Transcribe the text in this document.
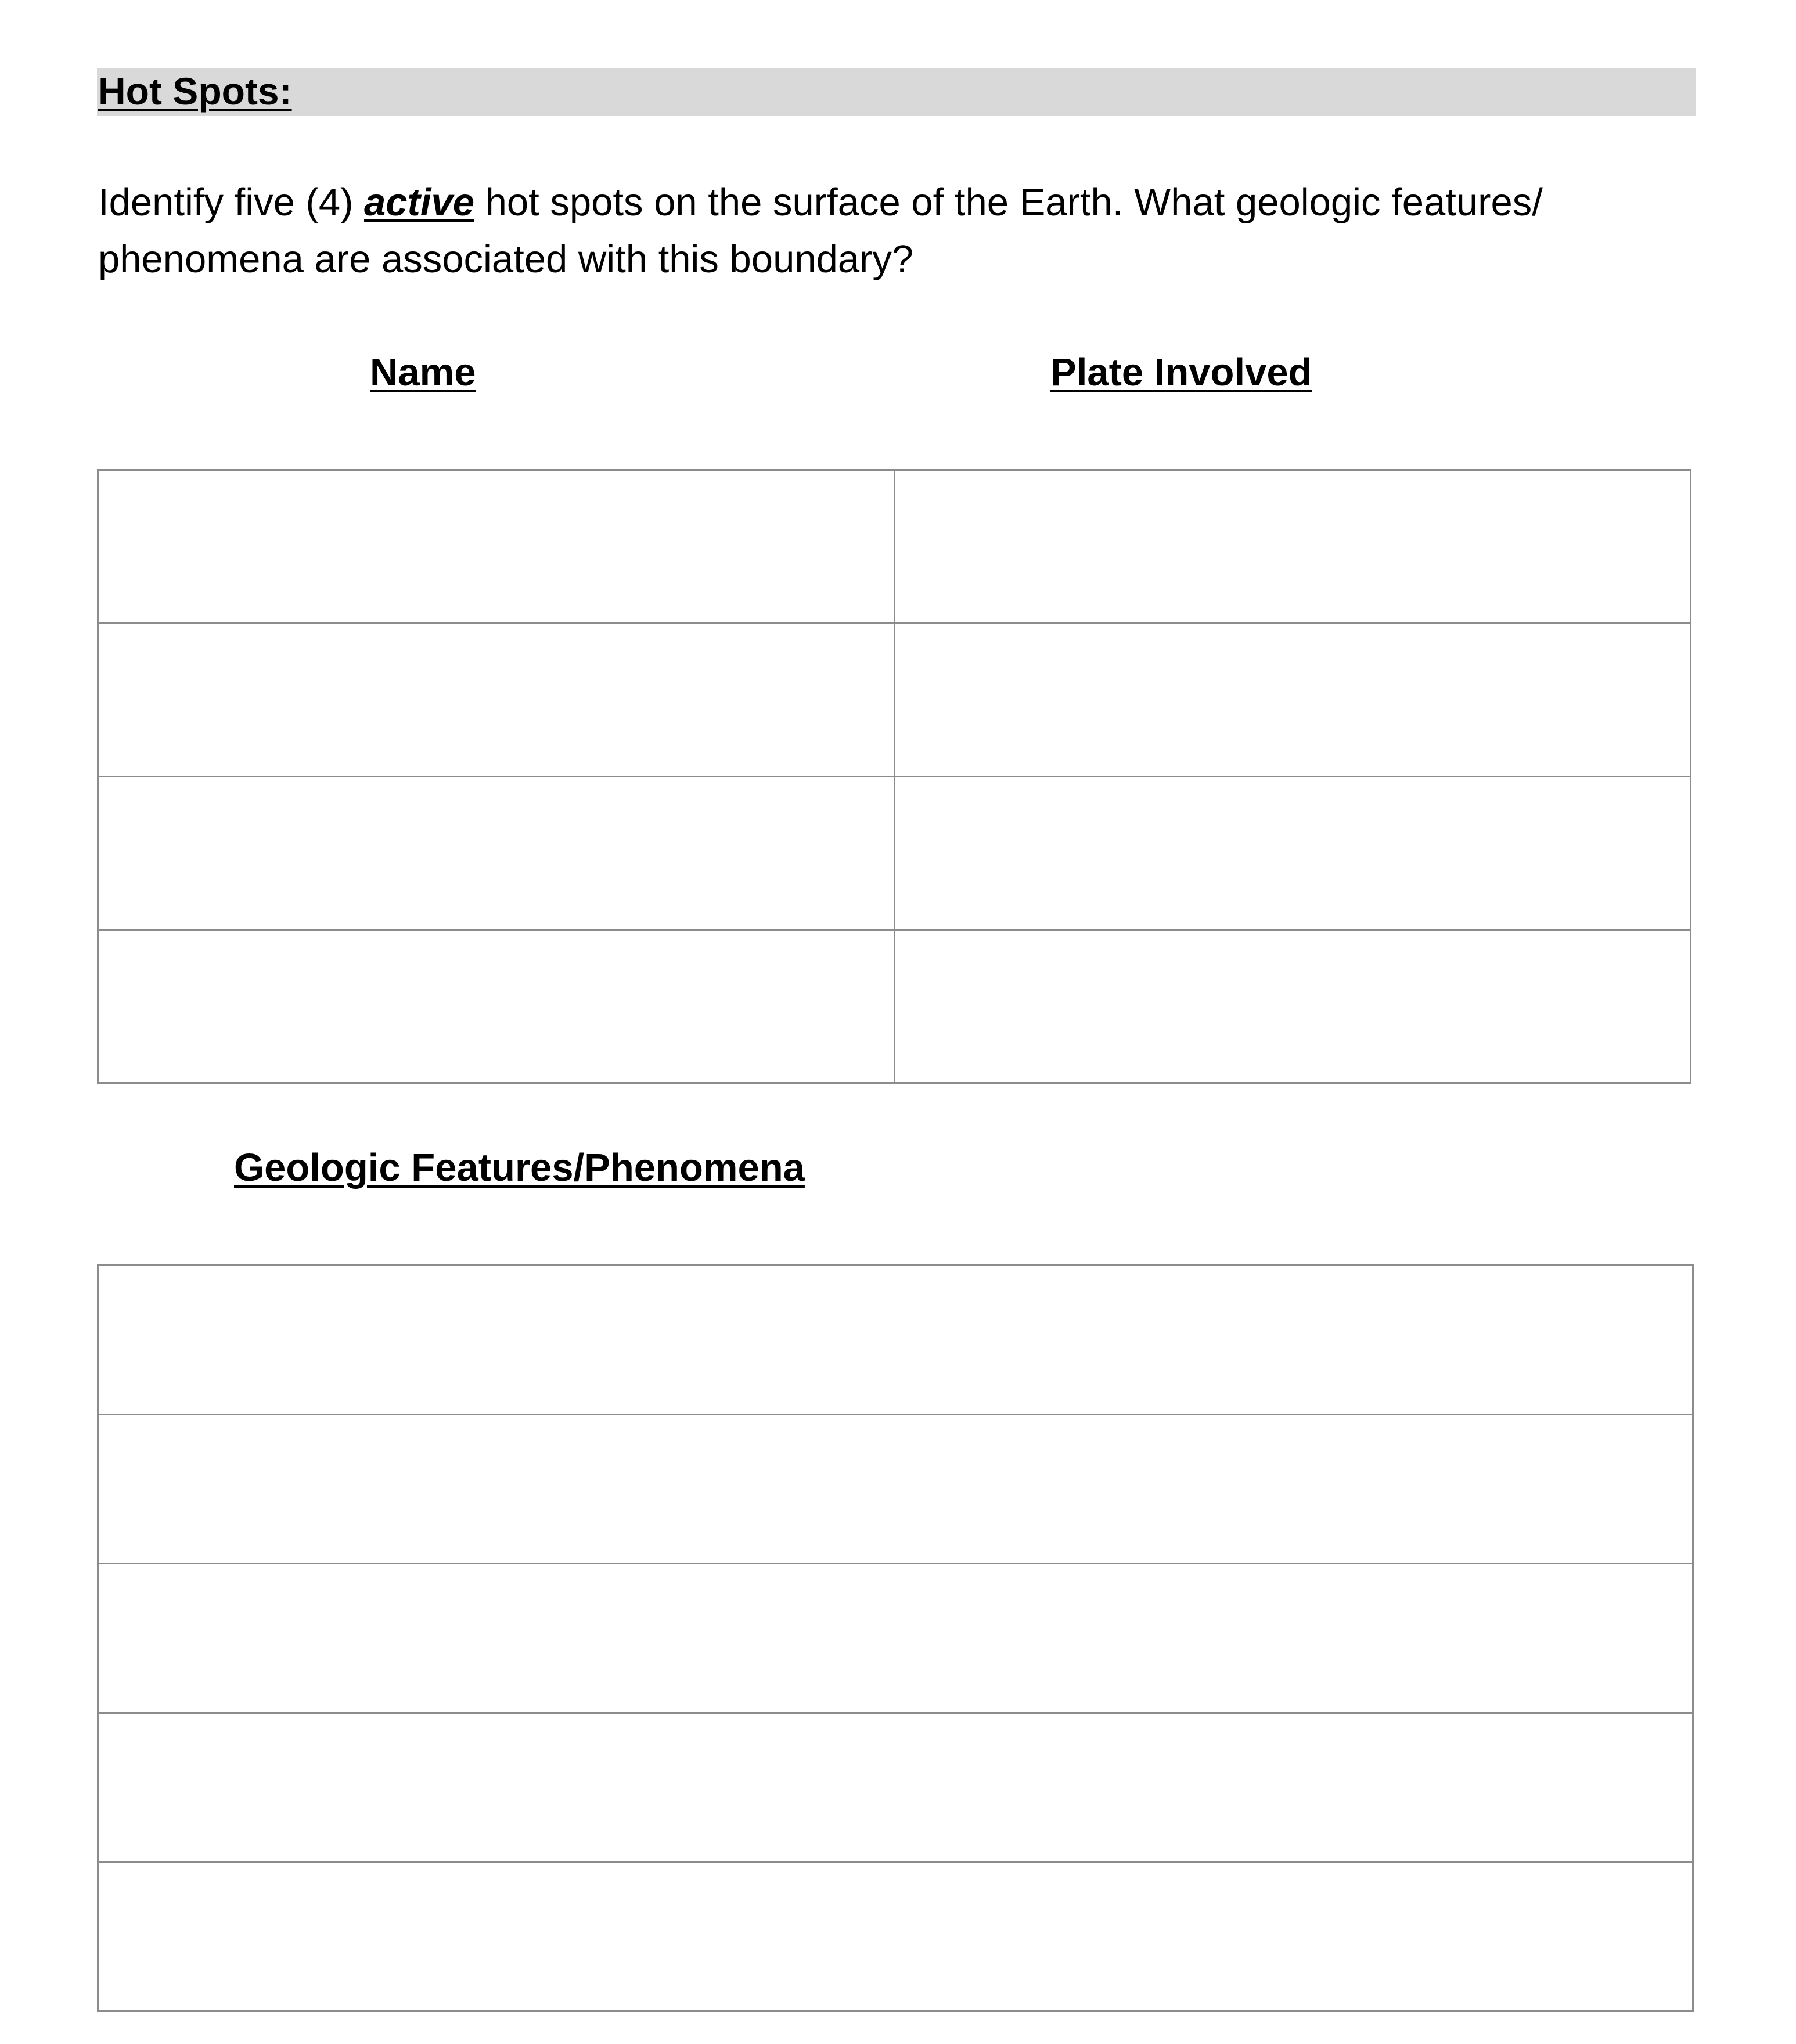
Hot Spots:
Identify five (4) active hot spots on the surface of the Earth. What geologic features/ phenomena are associated with this boundary?
Name	Plate Involved

Geologic Features/Phenomena
